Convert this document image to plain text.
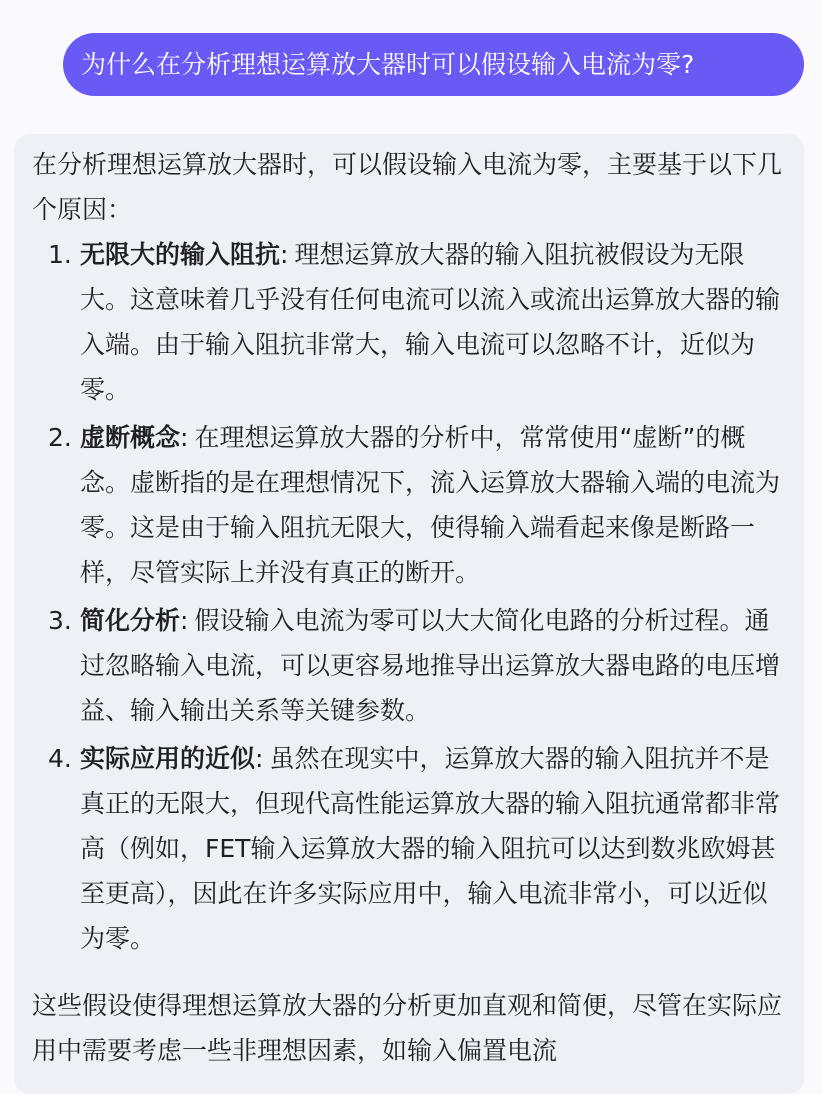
为什么在分析理想运算放大器时可以假设输入电流为零?

在分析理想运算放大器时，可以假设输入电流为零，主要基于以下几个原因：

1. 无限大的输入阻抗: 理想运算放大器的输入阻抗被假设为无限大。这意味着几乎没有任何电流可以流入或流出运算放大器的输入端。由于输入阻抗非常大，输入电流可以忽略不计，近似为零。
2. 虚断概念: 在理想运算放大器的分析中，常常使用“虚断”的概念。虚断指的是在理想情况下，流入运算放大器输入端的电流为零。这是由于输入阻抗无限大，使得输入端看起来像是断路一样，尽管实际上并没有真正的断开。
3. 简化分析: 假设输入电流为零可以大大简化电路的分析过程。通过忽略输入电流，可以更容易地推导出运算放大器电路的电压增益、输入输出关系等关键参数。
4. 实际应用的近似: 虽然在现实中，运算放大器的输入阻抗并不是真正的无限大，但现代高性能运算放大器的输入阻抗通常都非常高（例如，FET输入运算放大器的输入阻抗可以达到数兆欧姆甚至更高），因此在许多实际应用中，输入电流非常小，可以近似为零。

这些假设使得理想运算放大器的分析更加直观和简便，尽管在实际应用中需要考虑一些非理想因素，如输入偏置电流
